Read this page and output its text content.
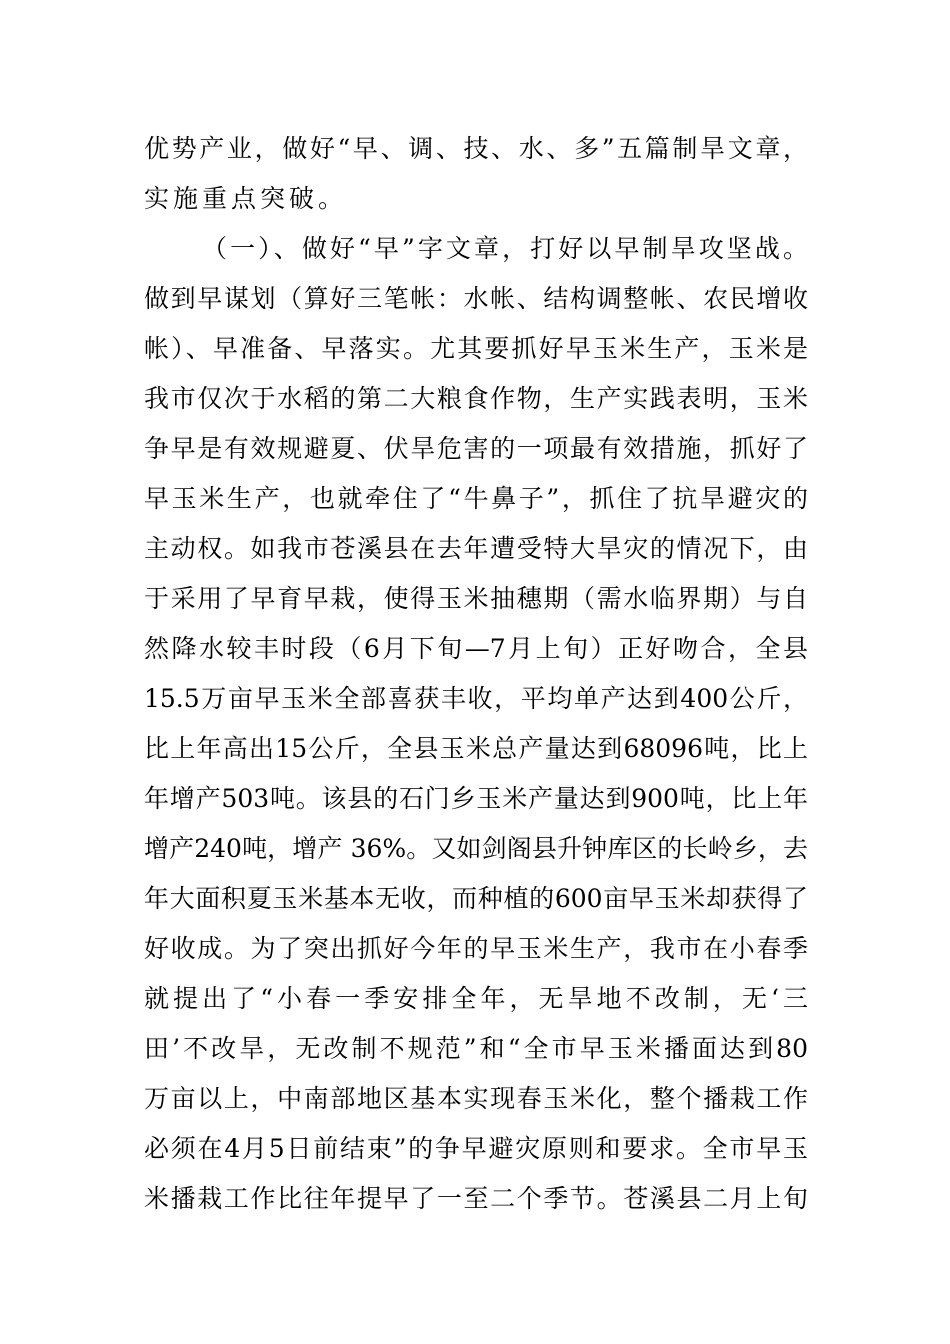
优势产业，做好“早、调、技、水、多”五篇制旱文章，
实施重点突破。
（一）、做好“早”字文章，打好以早制旱攻坚战。
做到早谋划（算好三笔帐：水帐、结构调整帐、农民增收
帐）、早准备、早落实。尤其要抓好早玉米生产，玉米是
我市仅次于水稻的第二大粮食作物，生产实践表明，玉米
争早是有效规避夏、伏旱危害的一项最有效措施，抓好了
早玉米生产，也就牵住了“牛鼻子”，抓住了抗旱避灾的
主动权。如我市苍溪县在去年遭受特大旱灾的情况下，由
于采用了早育早栽，使得玉米抽穗期（需水临界期）与自
然降水较丰时段（6月下旬—7月上旬）正好吻合，全县
15.5万亩早玉米全部喜获丰收，平均单产达到400公斤，
比上年高出15公斤，全县玉米总产量达到68096吨，比上
年增产503吨。该县的石门乡玉米产量达到900吨，比上年
增产240吨，增产 36%。又如剑阁县升钟库区的长岭乡，去
年大面积夏玉米基本无收，而种植的600亩早玉米却获得了
好收成。为了突出抓好今年的早玉米生产，我市在小春季
就提出了“小春一季安排全年，无旱地不改制，无‘三
田’不改旱，无改制不规范”和“全市早玉米播面达到80
万亩以上，中南部地区基本实现春玉米化，整个播栽工作
必须在4月5日前结束”的争早避灾原则和要求。全市早玉
米播栽工作比往年提早了一至二个季节。苍溪县二月上旬
